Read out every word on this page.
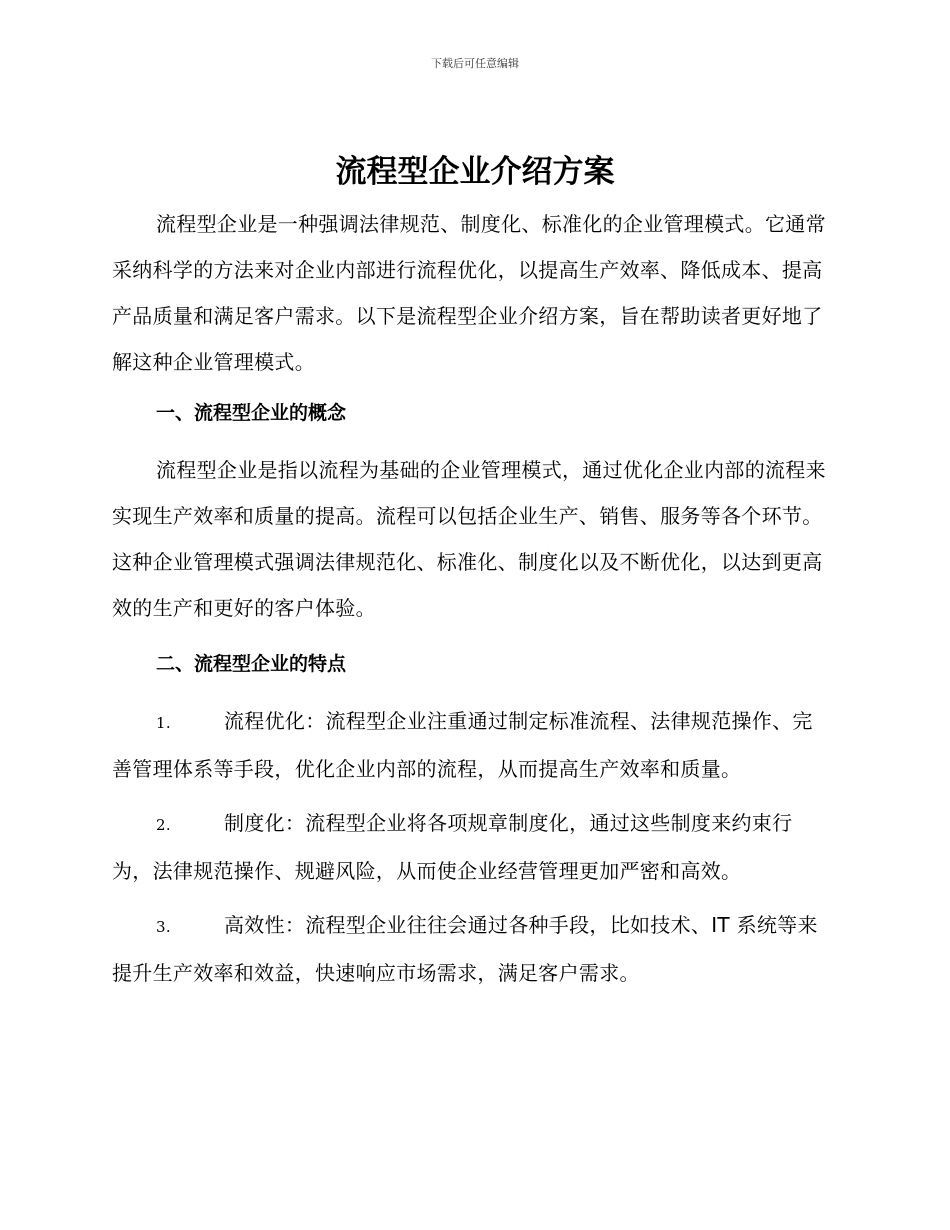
下载后可任意编辑
流程型企业介绍方案

流程型企业是一种强调法律规范、制度化、标准化的企业管理模式。它通常采纳科学的方法来对企业内部进行流程优化，以提高生产效率、降低成本、提高产品质量和满足客户需求。以下是流程型企业介绍方案，旨在帮助读者更好地了解这种企业管理模式。

一、流程型企业的概念

流程型企业是指以流程为基础的企业管理模式，通过优化企业内部的流程来实现生产效率和质量的提高。流程可以包括企业生产、销售、服务等各个环节。这种企业管理模式强调法律规范化、标准化、制度化以及不断优化，以达到更高效的生产和更好的客户体验。

二、流程型企业的特点

1.	流程优化：流程型企业注重通过制定标准流程、法律规范操作、完善管理体系等手段，优化企业内部的流程，从而提高生产效率和质量。

2.	制度化：流程型企业将各项规章制度化，通过这些制度来约束行为，法律规范操作、规避风险，从而使企业经营管理更加严密和高效。

3.	高效性：流程型企业往往会通过各种手段，比如技术、IT 系统等来提升生产效率和效益，快速响应市场需求，满足客户需求。
